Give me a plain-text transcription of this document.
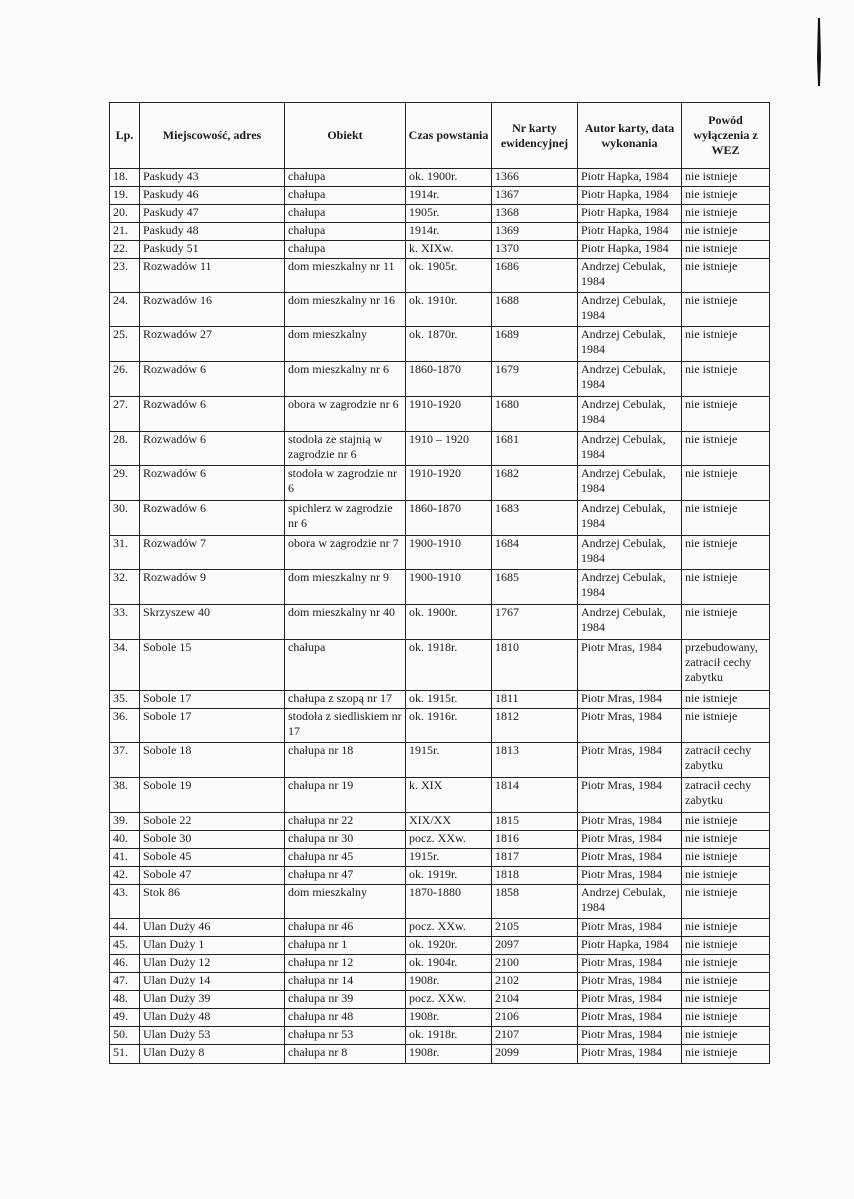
Lp.	Miejscowość, adres	Obiekt	Czas powstania	Nr karty ewidencyjnej	Autor karty, data wykonania	Powód wyłączenia z WEZ
18.	Paskudy 43	chałupa	ok. 1900r.	1366	Piotr Hapka, 1984	nie istnieje
19.	Paskudy 46	chałupa	1914r.	1367	Piotr Hapka, 1984	nie istnieje
20.	Paskudy 47	chałupa	1905r.	1368	Piotr Hapka, 1984	nie istnieje
21.	Paskudy 48	chałupa	1914r.	1369	Piotr Hapka, 1984	nie istnieje
22.	Paskudy 51	chałupa	k. XIXw.	1370	Piotr Hapka, 1984	nie istnieje
23.	Rozwadów 11	dom mieszkalny nr 11	ok. 1905r.	1686	Andrzej Cebulak, 1984	nie istnieje
24.	Rozwadów 16	dom mieszkalny nr 16	ok. 1910r.	1688	Andrzej Cebulak, 1984	nie istnieje
25.	Rozwadów 27	dom mieszkalny	ok. 1870r.	1689	Andrzej Cebulak, 1984	nie istnieje
26.	Rozwadów 6	dom mieszkalny nr 6	1860-1870	1679	Andrzej Cebulak, 1984	nie istnieje
27.	Rozwadów 6	obora w zagrodzie nr 6	1910-1920	1680	Andrzej Cebulak, 1984	nie istnieje
28.	Rozwadów 6	stodoła ze stajnią w zagrodzie nr 6	1910 – 1920	1681	Andrzej Cebulak, 1984	nie istnieje
29.	Rozwadów 6	stodoła w zagrodzie nr 6	1910-1920	1682	Andrzej Cebulak, 1984	nie istnieje
30.	Rozwadów 6	spichlerz w zagrodzie nr 6	1860-1870	1683	Andrzej Cebulak, 1984	nie istnieje
31.	Rozwadów 7	obora w zagrodzie nr 7	1900-1910	1684	Andrzej Cebulak, 1984	nie istnieje
32.	Rozwadów 9	dom mieszkalny nr 9	1900-1910	1685	Andrzej Cebulak, 1984	nie istnieje
33.	Skrzyszew 40	dom mieszkalny nr 40	ok. 1900r.	1767	Andrzej Cebulak, 1984	nie istnieje
34.	Sobole 15	chałupa	ok. 1918r.	1810	Piotr Mras, 1984	przebudowany, zatracił cechy zabytku
35.	Sobole 17	chałupa z szopą nr 17	ok. 1915r.	1811	Piotr Mras, 1984	nie istnieje
36.	Sobole 17	stodoła z siedliskiem nr 17	ok. 1916r.	1812	Piotr Mras, 1984	nie istnieje
37.	Sobole 18	chałupa nr 18	1915r.	1813	Piotr Mras, 1984	zatracił cechy zabytku
38.	Sobole 19	chałupa nr 19	k. XIX	1814	Piotr Mras, 1984	zatracił cechy zabytku
39.	Sobole 22	chałupa nr 22	XIX/XX	1815	Piotr Mras, 1984	nie istnieje
40.	Sobole 30	chałupa nr 30	pocz. XXw.	1816	Piotr Mras, 1984	nie istnieje
41.	Sobole 45	chałupa nr 45	1915r.	1817	Piotr Mras, 1984	nie istnieje
42.	Sobole 47	chałupa nr 47	ok. 1919r.	1818	Piotr Mras, 1984	nie istnieje
43.	Stok 86	dom mieszkalny	1870-1880	1858	Andrzej Cebulak, 1984	nie istnieje
44.	Ulan Duży 46	chałupa nr 46	pocz. XXw.	2105	Piotr Mras, 1984	nie istnieje
45.	Ulan Duży 1	chałupa nr 1	ok. 1920r.	2097	Piotr Hapka, 1984	nie istnieje
46.	Ulan Duży 12	chałupa nr 12	ok. 1904r.	2100	Piotr Mras, 1984	nie istnieje
47.	Ulan Duży 14	chałupa nr 14	1908r.	2102	Piotr Mras, 1984	nie istnieje
48.	Ulan Duży 39	chałupa nr 39	pocz. XXw.	2104	Piotr Mras, 1984	nie istnieje
49.	Ulan Duży 48	chałupa nr 48	1908r.	2106	Piotr Mras, 1984	nie istnieje
50.	Ulan Duży 53	chałupa nr 53	ok. 1918r.	2107	Piotr Mras, 1984	nie istnieje
51.	Ulan Duży 8	chałupa nr 8	1908r.	2099	Piotr Mras, 1984	nie istnieje
